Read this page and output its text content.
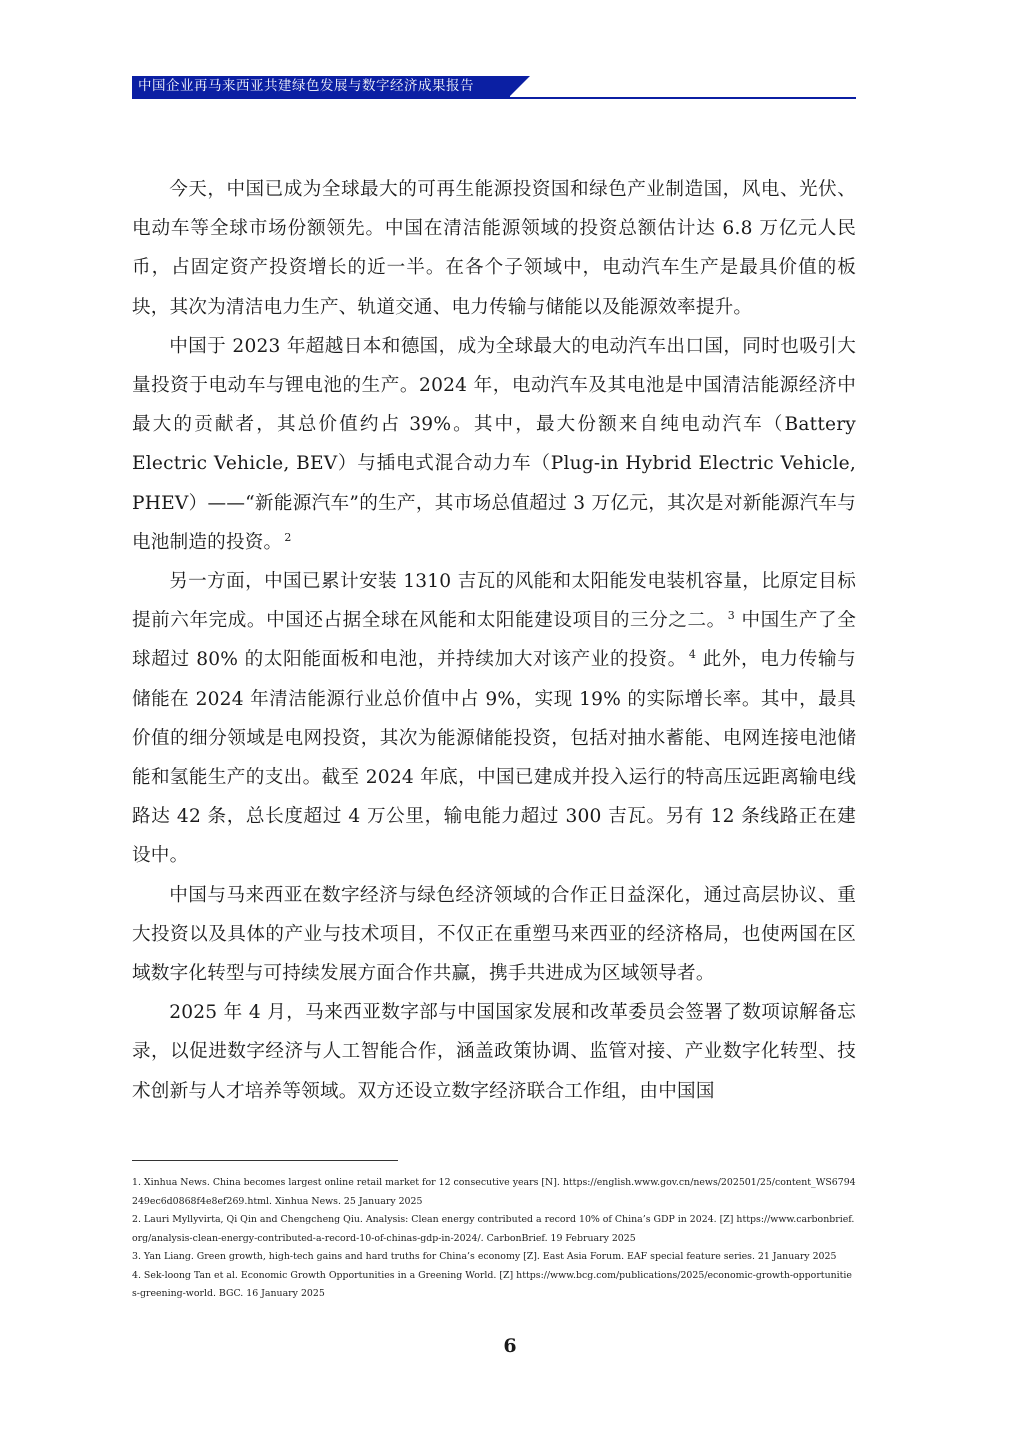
中国企业再马来西亚共建绿色发展与数字经济成果报告

今天，中国已成为全球最大的可再生能源投资国和绿色产业制造国，风电、光伏、电动车等全球市场份额领先。中国在清洁能源领域的投资总额估计达 6.8 万亿元人民币，占固定资产投资增长的近一半。在各个子领域中，电动汽车生产是最具价值的板块，其次为清洁电力生产、轨道交通、电力传输与储能以及能源效率提升。

中国于 2023 年超越日本和德国，成为全球最大的电动汽车出口国，同时也吸引大量投资于电动车与锂电池的生产。2024 年，电动汽车及其电池是中国清洁能源经济中最大的贡献者，其总价值约占 39%。其中，最大份额来自纯电动汽车（Battery Electric Vehicle, BEV）与插电式混合动力车（Plug-in Hybrid Electric Vehicle, PHEV）——“新能源汽车”的生产，其市场总值超过 3 万亿元，其次是对新能源汽车与电池制造的投资。 $^2$

另一方面，中国已累计安装 1310 吉瓦的风能和太阳能发电装机容量，比原定目标提前六年完成。中国还占据全球在风能和太阳能建设项目的三分之二。 $^3$ 中国生产了全球超过 80% 的太阳能面板和电池，并持续加大对该产业的投资。 $^4$ 此外，电力传输与储能在 2024 年清洁能源行业总价值中占 9%，实现 19% 的实际增长率。其中，最具价值的细分领域是电网投资，其次为能源储能投资，包括对抽水蓄能、电网连接电池储能和氢能生产的支出。截至 2024 年底，中国已建成并投入运行的特高压远距离输电线路达 42 条，总长度超过 4 万公里，输电能力超过 300 吉瓦。另有 12 条线路正在建设中。

中国与马来西亚在数字经济与绿色经济领域的合作正日益深化，通过高层协议、重大投资以及具体的产业与技术项目，不仅正在重塑马来西亚的经济格局，也使两国在区域数字化转型与可持续发展方面合作共赢，携手共进成为区域领导者。

2025 年 4 月，马来西亚数字部与中国国家发展和改革委员会签署了数项谅解备忘录，以促进数字经济与人工智能合作，涵盖政策协调、监管对接、产业数字化转型、技术创新与人才培养等领域。双方还设立数字经济联合工作组，由中国国

1. Xinhua News. China becomes largest online retail market for 12 consecutive years [N]. https://english.www.gov.cn/news/202501/25/content_WS6794249ec6d0868f4e8ef269.html. Xinhua News. 25 January 2025

2. Lauri Myllyvirta, Qi Qin and Chengcheng Qiu. Analysis: Clean energy contributed a record 10% of China’s GDP in 2024. [Z] https://www.carbonbrief.org/analysis-clean-energy-contributed-a-record-10-of-chinas-gdp-in-2024/. CarbonBrief. 19 February 2025

3. Yan Liang. Green growth, high-tech gains and hard truths for China’s economy [Z]. East Asia Forum. EAF special feature series. 21 January 2025

4. Sek-loong Tan et al. Economic Growth Opportunities in a Greening World. [Z] https://www.bcg.com/publications/2025/economic-growth-opportunities-greening-world. BGC. 16 January 2025

6
